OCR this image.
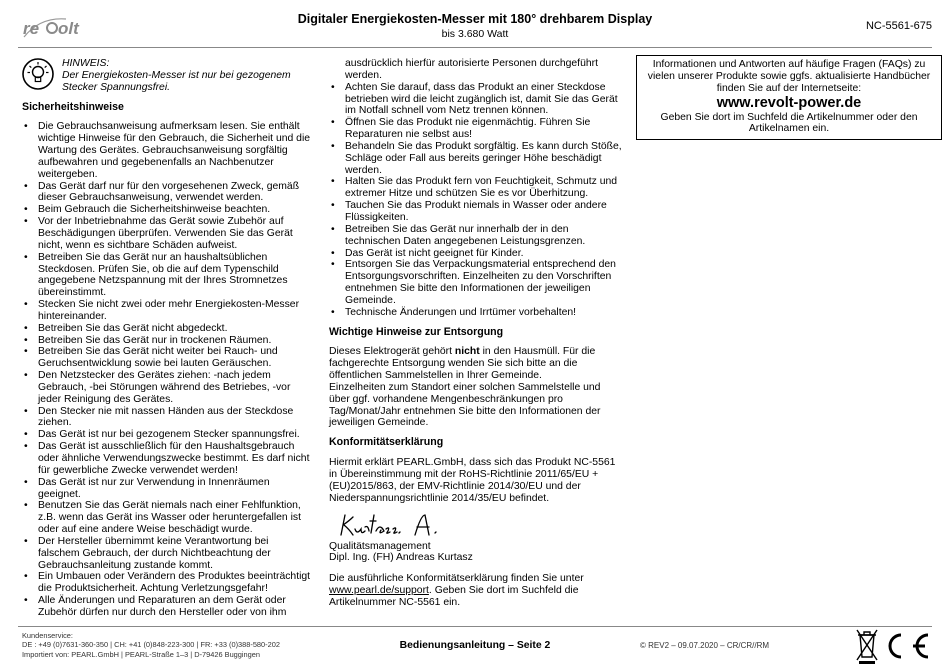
re olt	Digitaler Energiekosten-Messer mit 180° drehbarem Display
bis 3.680 Watt
NC-5561-675
HINWEIS:
Der Energiekosten-Messer ist nur bei gezogenem Stecker Spannungsfrei.
Sicherheitshinweise
• Die Gebrauchsanweisung aufmerksam lesen. Sie enthält wichtige Hinweise für den Gebrauch, die Sicherheit und die Wartung des Gerätes. Gebrauchsanweisung sorgfältig aufbewahren und gegebenenfalls an Nachbenutzer weitergeben.
• Das Gerät darf nur für den vorgesehenen Zweck, gemäß dieser Gebrauchsanweisung, verwendet werden.
• Beim Gebrauch die Sicherheitshinweise beachten.
• Vor der Inbetriebnahme das Gerät sowie Zubehör auf Beschädigungen überprüfen. Verwenden Sie das Gerät nicht, wenn es sichtbare Schäden aufweist.
• Betreiben Sie das Gerät nur an haushaltsüblichen Steckdosen. Prüfen Sie, ob die auf dem Typenschild angegebene Netzspannung mit der Ihres Stromnetzes übereinstimmt.
• Stecken Sie nicht zwei oder mehr Energiekosten-Messer hintereinander.
• Betreiben Sie das Gerät nicht abgedeckt.
• Betreiben Sie das Gerät nur in trockenen Räumen.
• Betreiben Sie das Gerät nicht weiter bei Rauch- und Geruchsentwicklung sowie bei lauten Geräuschen.
• Den Netzstecker des Gerätes ziehen: -nach jedem Gebrauch, -bei Störungen während des Betriebes, -vor jeder Reinigung des Gerätes.
• Den Stecker nie mit nassen Händen aus der Steckdose ziehen.
• Das Gerät ist nur bei gezogenem Stecker spannungsfrei.
• Das Gerät ist ausschließlich für den Haushaltsgebrauch oder ähnliche Verwendungszwecke bestimmt. Es darf nicht für gewerbliche Zwecke verwendet werden!
• Das Gerät ist nur zur Verwendung in Innenräumen geeignet.
• Benutzen Sie das Gerät niemals nach einer Fehlfunktion, z.B. wenn das Gerät ins Wasser oder heruntergefallen ist oder auf eine andere Weise beschädigt wurde.
• Der Hersteller übernimmt keine Verantwortung bei falschem Gebrauch, der durch Nichtbeachtung der Gebrauchsanleitung zustande kommt.
• Ein Umbauen oder Verändern des Produktes beeinträchtigt die Produktsicherheit. Achtung Verletzungsgefahr!
• Alle Änderungen und Reparaturen an dem Gerät oder Zubehör dürfen nur durch den Hersteller oder von ihm

ausdrücklich hierfür autorisierte Personen durchgeführt werden.

• Achten Sie darauf, dass das Produkt an einer Steckdose betrieben wird die leicht zugänglich ist, damit Sie das Gerät im Notfall schnell vom Netz trennen können.
• Öffnen Sie das Produkt nie eigenmächtig. Führen Sie Reparaturen nie selbst aus!
• Behandeln Sie das Produkt sorgfältig. Es kann durch Stöße, Schläge oder Fall aus bereits geringer Höhe beschädigt werden.
• Halten Sie das Produkt fern von Feuchtigkeit, Schmutz und extremer Hitze und schützen Sie es vor Überhitzung.
• Tauchen Sie das Produkt niemals in Wasser oder andere Flüssigkeiten.
• Betreiben Sie das Gerät nur innerhalb der in den technischen Daten angegebenen Leistungsgrenzen.
• Das Gerät ist nicht geeignet für Kinder.
• Entsorgen Sie das Verpackungsmaterial entsprechend den Entsorgungsvorschriften. Einzelheiten zu den Vorschriften entnehmen Sie bitte den Informationen der jeweiligen Gemeinde.
• Technische Änderungen und Irrtümer vorbehalten!
Wichtige Hinweise zur Entsorgung

Dieses Elektrogerät gehört nicht in den Hausmüll. Für die fachgerechte Entsorgung wenden Sie sich bitte an die öffentlichen Sammelstellen in Ihrer Gemeinde.

Einzelheiten zum Standort einer solchen Sammelstelle und über ggf. vorhandene Mengenbeschränkungen pro Tag/Monat/Jahr entnehmen Sie bitte den Informationen der jeweiligen Gemeinde.

Konformitätserklärung

Hiermit erklärt PEARL.GmbH, dass sich das Produkt NC-5561 in Übereinstimmung mit der RoHS-Richtlinie 2011/65/EU + (EU)2015/863, der EMV-Richtlinie 2014/30/EU und der Niederspannungsrichtlinie 2014/35/EU befindet.

Qualitätsmanagement

Dipl. Ing. (FH) Andreas Kurtasz

Die ausführliche Konformitätserklärung finden Sie unter www.pearl.de/support. Geben Sie dort im Suchfeld die Artikelnummer NC-5561 ein.

Informationen und Antworten auf häufige Fragen (FAQs) zu vielen unserer Produkte sowie ggfs. aktualisierte Handbücher finden Sie auf der Internetseite:
www.revolt-power.de
Geben Sie dort im Suchfeld die Artikelnummer oder den Artikelnamen ein.
Kundenservice:
DE : +49 (0)7631-360-350 | CH: +41 (0)848-223-300 | FR: +33 (0)388-580-202
Importiert von: PEARL.GmbH | PEARL-Straße 1–3 | D-79426 Buggingen
Bedienungsanleitung – Seite 2	© REV2 – 09.07.2020 – CR/CR//RM
